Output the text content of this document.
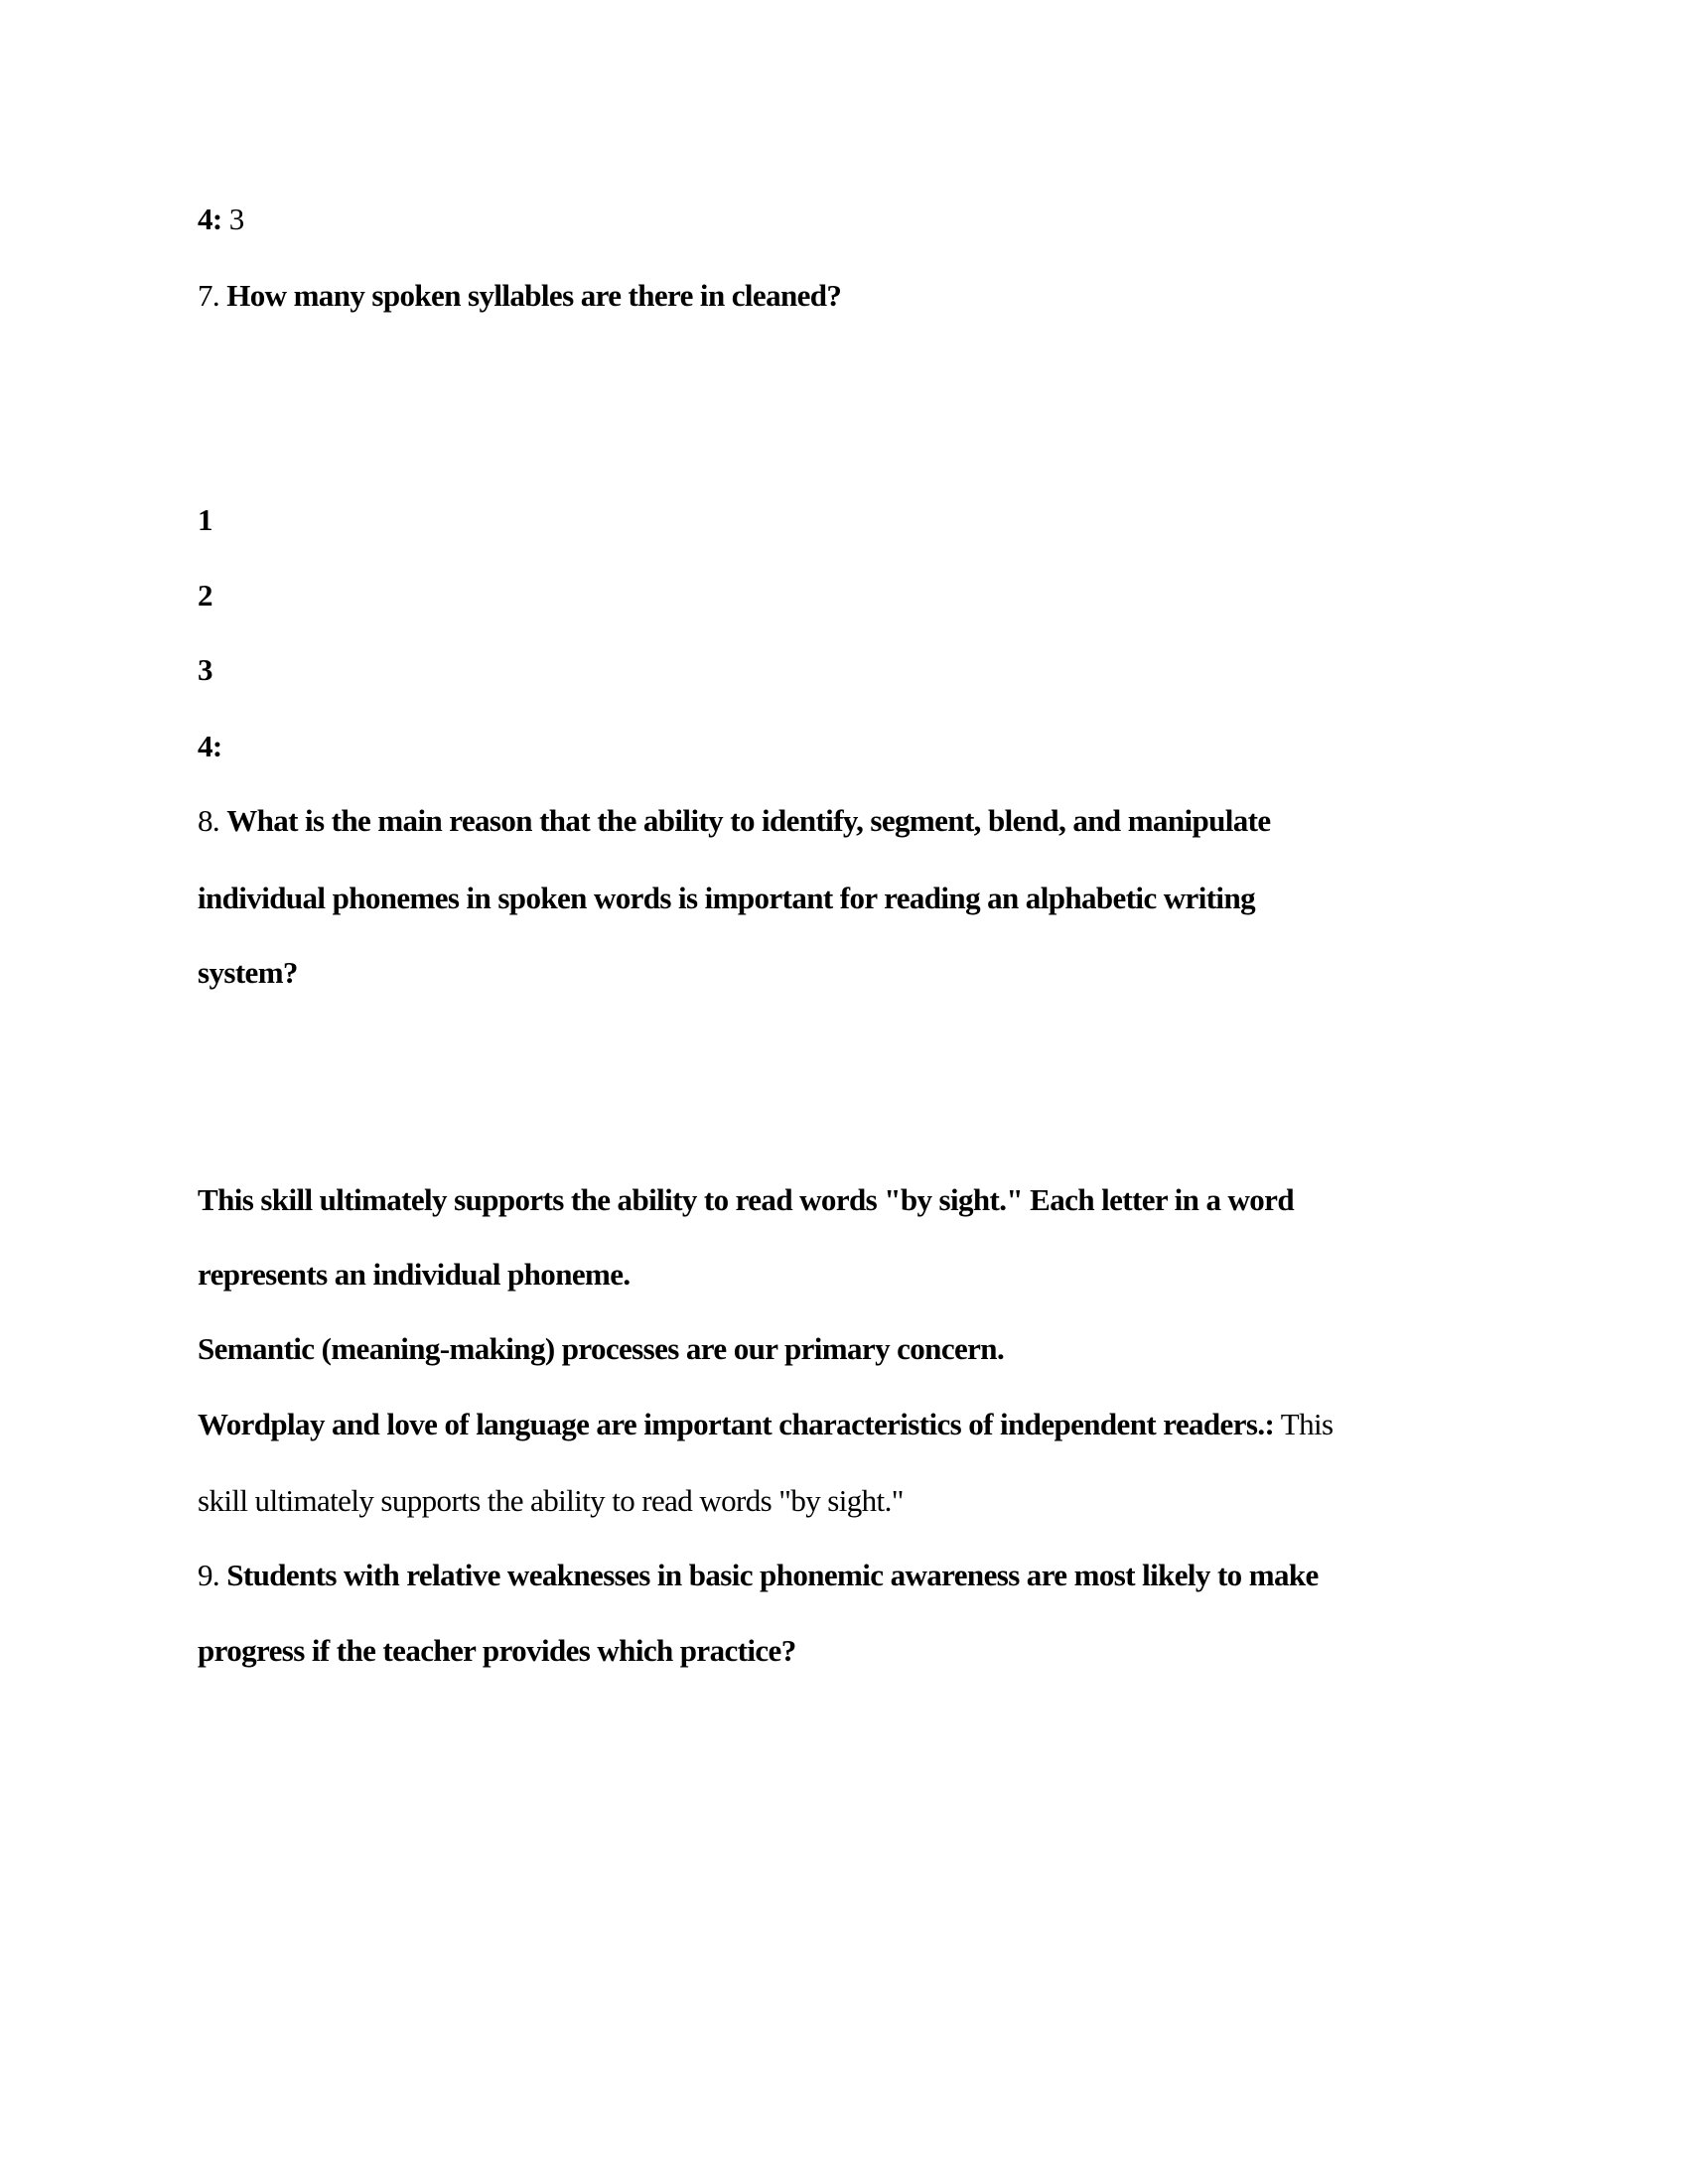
4: 3
7. How many spoken syllables are there in cleaned?
1
2
3
4:
8. What is the main reason that the ability to identify, segment, blend, and manipulate
individual phonemes in spoken words is important for reading an alphabetic writing
system?
This skill ultimately supports the ability to read words "by sight." Each letter in a word
represents an individual phoneme.
Semantic (meaning-making) processes are our primary concern.
Wordplay and love of language are important characteristics of independent readers.: This
skill ultimately supports the ability to read words "by sight."
9. Students with relative weaknesses in basic phonemic awareness are most likely to make
progress if the teacher provides which practice?
